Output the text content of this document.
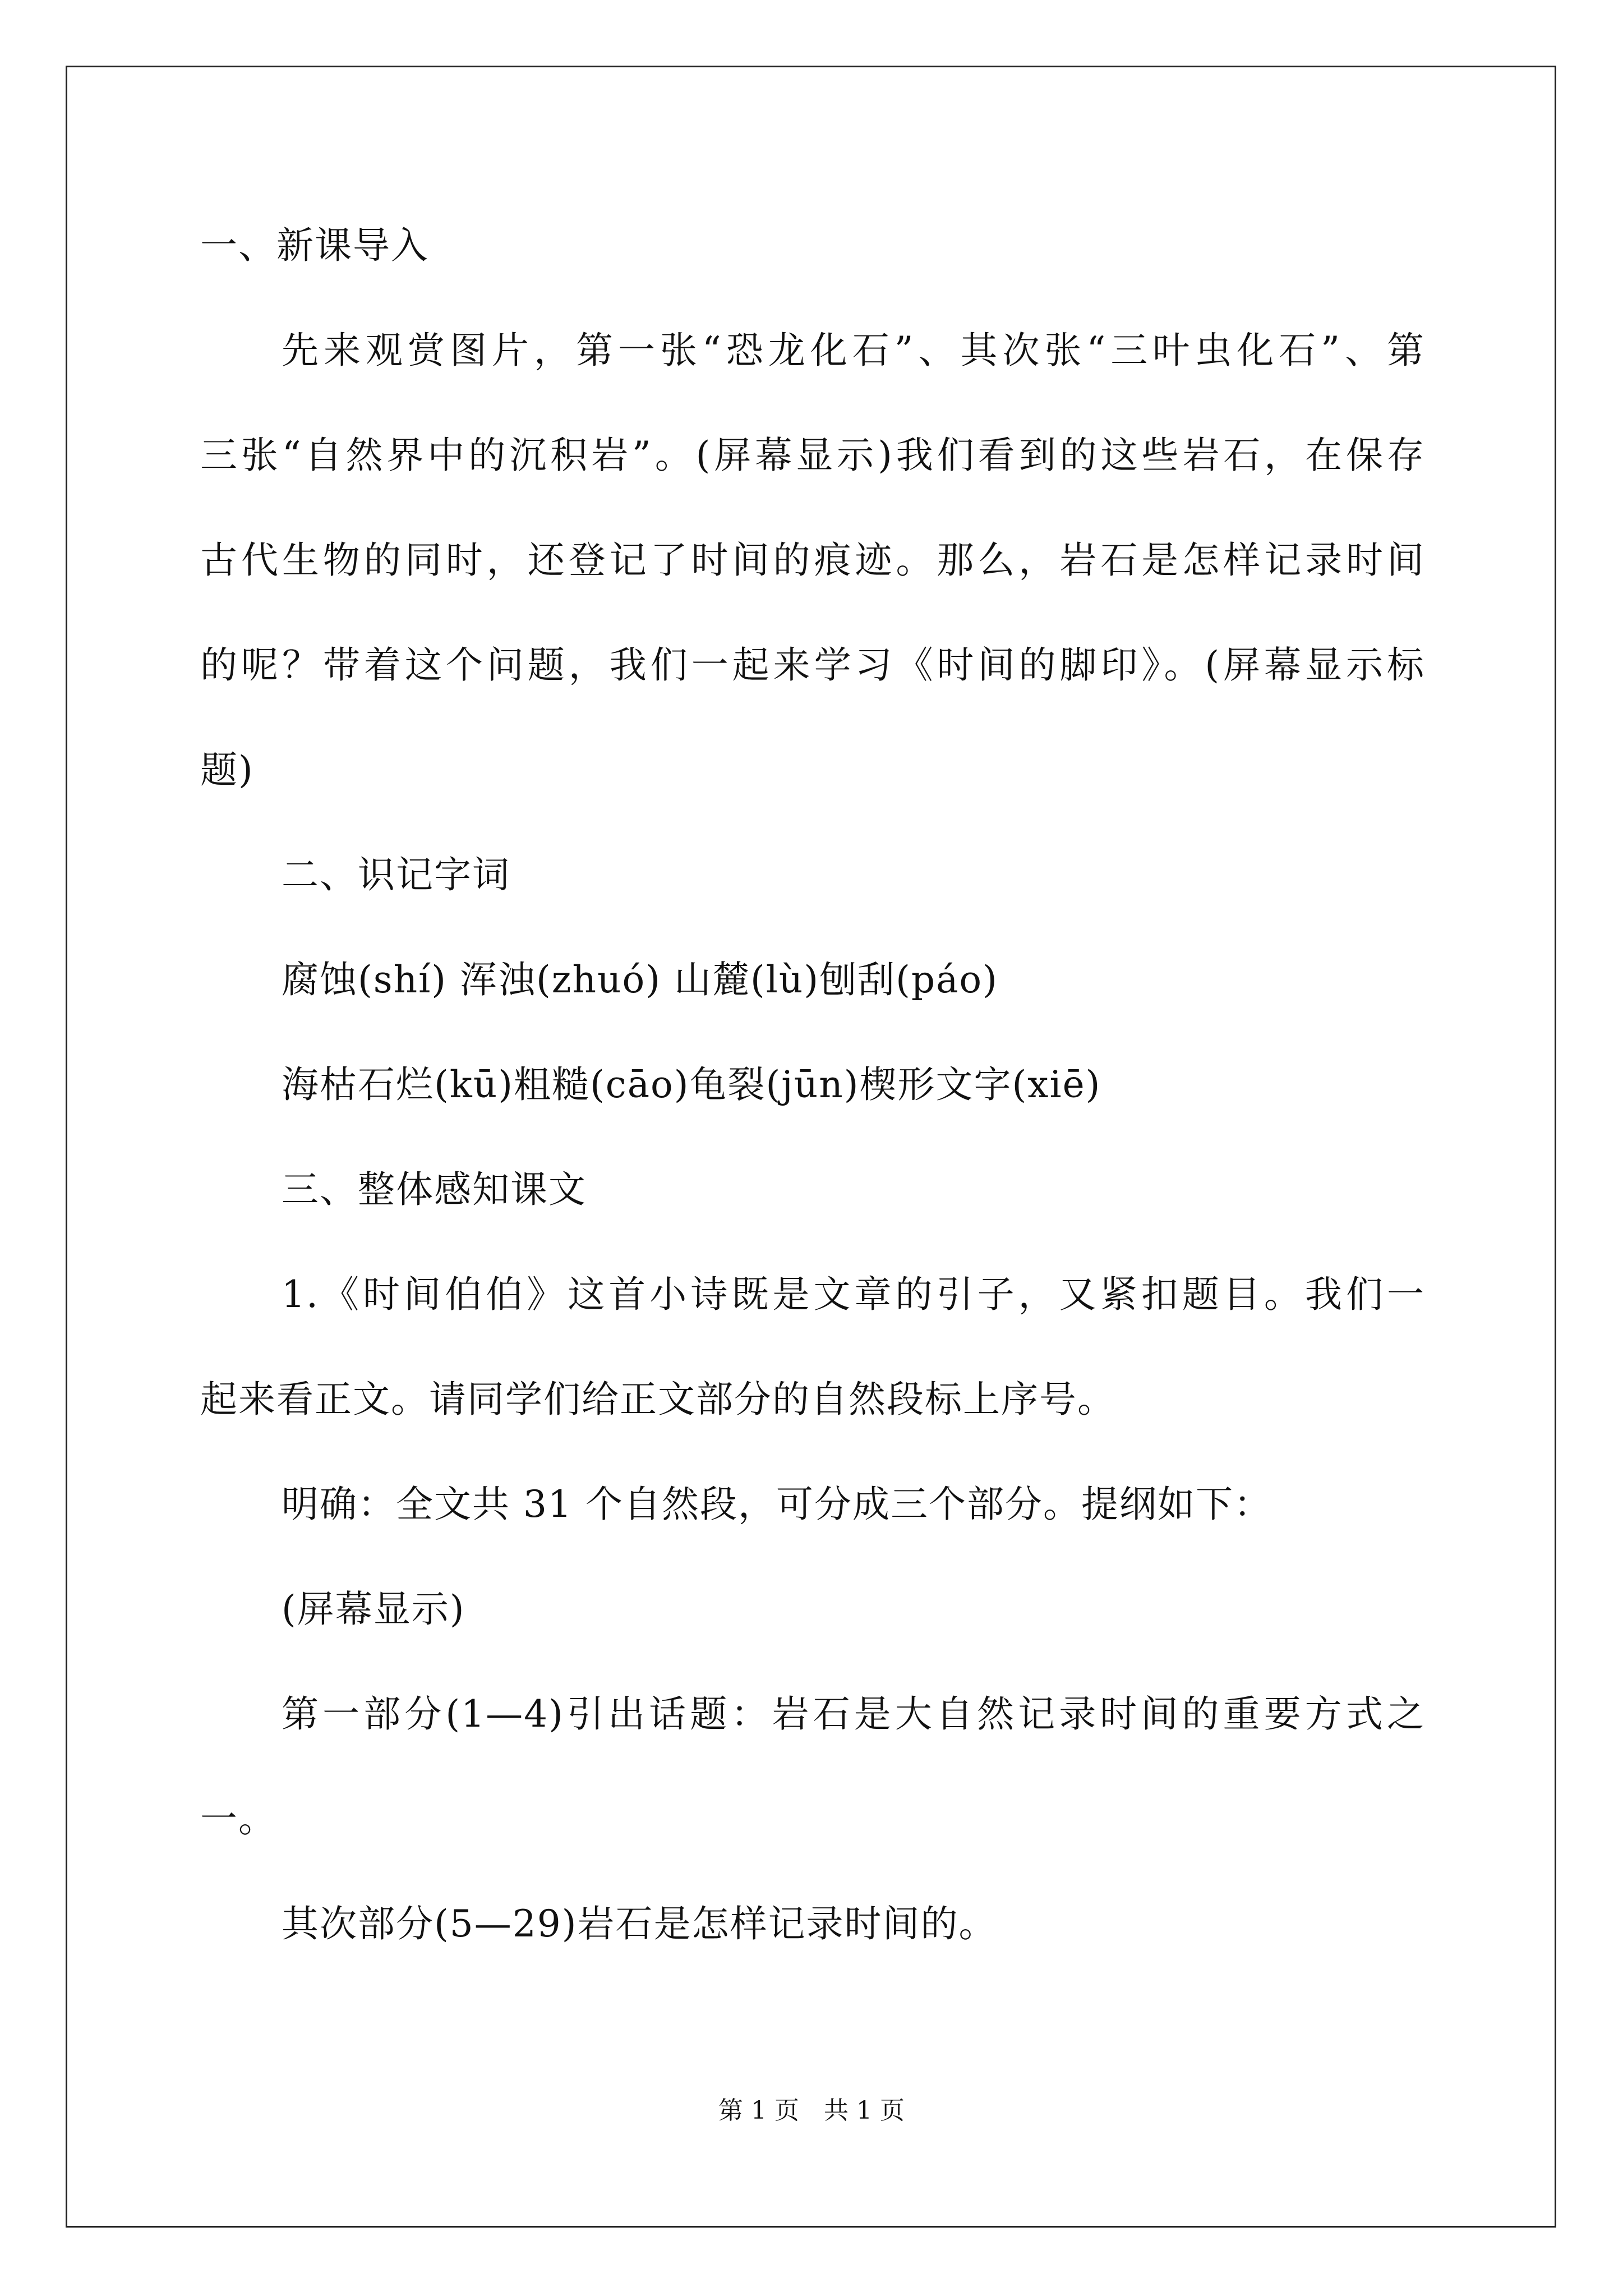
一、新课导入
先来观赏图片，第一张“恐龙化石”、其次张“三叶虫化石”、第
三张“自然界中的沉积岩”。(屏幕显示)我们看到的这些岩石，在保存
古代生物的同时，还登记了时间的痕迹。那么，岩石是怎样记录时间
的呢？带着这个问题，我们一起来学习《时间的脚印》。(屏幕显示标
题)
二、识记字词
腐蚀(shí) 浑浊(zhuó) 山麓(lù)刨刮(páo)
海枯石烂(kū)粗糙(cāo)龟裂(jūn)楔形文字(xiē)
三、整体感知课文
1.《时间伯伯》这首小诗既是文章的引子，又紧扣题目。我们一
起来看正文。请同学们给正文部分的自然段标上序号。
明确：全文共 31 个自然段，可分成三个部分。提纲如下：
(屏幕显示)
第一部分(1—4)引出话题：岩石是大自然记录时间的重要方式之
一。
其次部分(5—29)岩石是怎样记录时间的。
第 1 页　共 1 页
